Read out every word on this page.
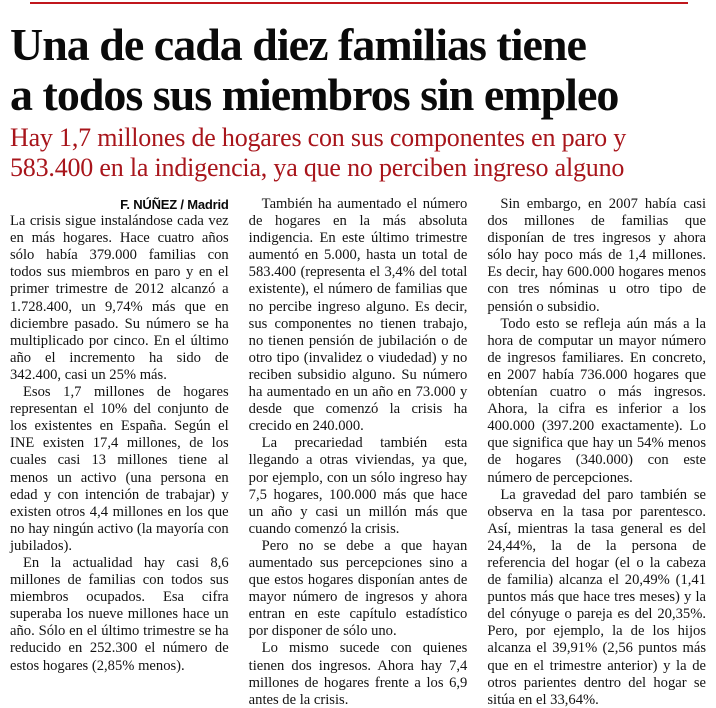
Una de cada diez familias tiene
a todos sus miembros sin empleo
Hay 1,7 millones de hogares con sus componentes en paro y
583.400 en la indigencia, ya que no perciben ingreso alguno

F. NÚÑEZ / Madrid

La crisis sigue instalándose cada vez en más hogares. Hace cuatro años sólo había 379.000 familias con todos sus miembros en paro y en el primer trimestre de 2012 alcanzó a 1.728.400, un 9,74% más que en diciembre pasado. Su número se ha multiplicado por cinco. En el último año el incremento ha sido de 342.400, casi un 25% más.

Esos 1,7 millones de hogares representan el 10% del conjunto de los existentes en España. Según el INE existen 17,4 millones, de los cuales casi 13 millones tiene al menos un activo (una persona en edad y con intención de trabajar) y existen otros 4,4 millones en los que no hay ningún activo (la mayoría con jubilados).

En la actualidad hay casi 8,6 millones de familias con todos sus miembros ocupados. Esa cifra superaba los nueve millones hace un año. Sólo en el último trimestre se ha reducido en 252.300 el número de estos hogares (2,85% menos).

También ha aumentado el número de hogares en la más absoluta indigencia. En este último trimestre aumentó en 5.000, hasta un total de 583.400 (representa el 3,4% del total existente), el número de familias que no percibe ingreso alguno. Es decir, sus componentes no tienen trabajo, no tienen pensión de jubilación o de otro tipo (invalidez o viudedad) y no reciben subsidio alguno. Su número ha aumentado en un año en 73.000 y desde que comenzó la crisis ha crecido en 240.000.

La precariedad también esta llegando a otras viviendas, ya que, por ejemplo, con un sólo ingreso hay 7,5 hogares, 100.000 más que hace un año y casi un millón más que cuando comenzó la crisis.

Pero no se debe a que hayan aumentado sus percepciones sino a que estos hogares disponían antes de mayor número de ingresos y ahora entran en este capítulo estadístico por disponer de sólo uno.

Lo mismo sucede con quienes tienen dos ingresos. Ahora hay 7,4 millones de hogares frente a los 6,9 antes de la crisis.

Sin embargo, en 2007 había casi dos millones de familias que disponían de tres ingresos y ahora sólo hay poco más de 1,4 millones. Es decir, hay 600.000 hogares menos con tres nóminas u otro tipo de pensión o subsidio.

Todo esto se refleja aún más a la hora de computar un mayor número de ingresos familiares. En concreto, en 2007 había 736.000 hogares que obtenían cuatro o más ingresos. Ahora, la cifra es inferior a los 400.000 (397.200 exactamente). Lo que significa que hay un 54% menos de hogares (340.000) con este número de percepciones.

La gravedad del paro también se observa en la tasa por parentesco. Así, mientras la tasa general es del 24,44%, la de la persona de referencia del hogar (el o la cabeza de familia) alcanza el 20,49% (1,41 puntos más que hace tres meses) y la del cónyuge o pareja es del 20,35%. Pero, por ejemplo, la de los hijos alcanza el 39,91% (2,56 puntos más que en el trimestre anterior) y la de otros parientes dentro del hogar se sitúa en el 33,64%.
